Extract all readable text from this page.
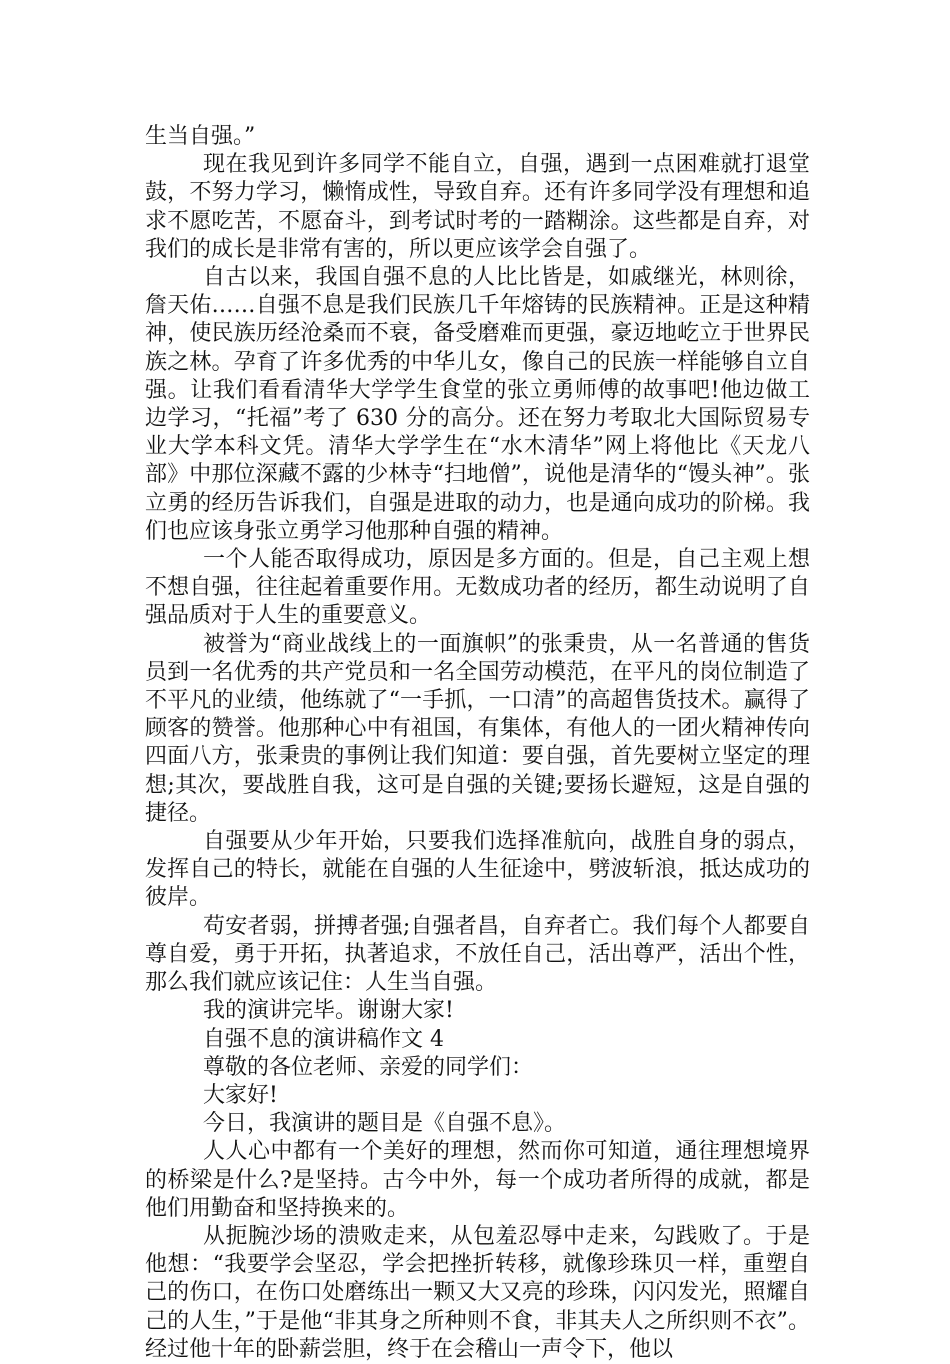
生当自强。”

现在我见到许多同学不能自立，自强，遇到一点困难就打退堂鼓，不努力学习，懒惰成性，导致自弃。还有许多同学没有理想和追求不愿吃苦，不愿奋斗，到考试时考的一踏糊涂。这些都是自弃，对我们的成长是非常有害的，所以更应该学会自强了。

自古以来，我国自强不息的人比比皆是，如戚继光，林则徐，詹天佑……自强不息是我们民族几千年熔铸的民族精神。正是这种精神，使民族历经沧桑而不衰，备受磨难而更强，豪迈地屹立于世界民族之林。孕育了许多优秀的中华儿女，像自己的民族一样能够自立自强。让我们看看清华大学学生食堂的张立勇师傅的故事吧!他边做工边学习，“托福”考了 630 分的高分。还在努力考取北大国际贸易专业大学本科文凭。清华大学学生在“水木清华”网上将他比《天龙八部》中那位深藏不露的少林寺“扫地僧”，说他是清华的“馒头神”。张立勇的经历告诉我们，自强是进取的动力，也是通向成功的阶梯。我们也应该身张立勇学习他那种自强的精神。

一个人能否取得成功，原因是多方面的。但是，自己主观上想不想自强，往往起着重要作用。无数成功者的经历，都生动说明了自强品质对于人生的重要意义。

被誉为“商业战线上的一面旗帜”的张秉贵，从一名普通的售货员到一名优秀的共产党员和一名全国劳动模范，在平凡的岗位制造了不平凡的业绩，他练就了“一手抓，一口清”的高超售货技术。赢得了顾客的赞誉。他那种心中有祖国，有集体，有他人的一团火精神传向四面八方，张秉贵的事例让我们知道：要自强，首先要树立坚定的理想;其次，要战胜自我，这可是自强的关键;要扬长避短，这是自强的捷径。

自强要从少年开始，只要我们选择准航向，战胜自身的弱点，发挥自己的特长，就能在自强的人生征途中，劈波斩浪，抵达成功的彼岸。

苟安者弱，拼搏者强;自强者昌，自弃者亡。我们每个人都要自尊自爱，勇于开拓，执著追求，不放任自己，活出尊严，活出个性，那么我们就应该记住：人生当自强。

我的演讲完毕。谢谢大家!

自强不息的演讲稿作文 4

尊敬的各位老师、亲爱的同学们：

大家好!

今日，我演讲的题目是《自强不息》。

人人心中都有一个美好的理想，然而你可知道，通往理想境界的桥梁是什么?是坚持。古今中外，每一个成功者所得的成就，都是他们用勤奋和坚持换来的。

从扼腕沙场的溃败走来，从包羞忍辱中走来，勾践败了。于是他想：“我要学会坚忍，学会把挫折转移，就像珍珠贝一样，重塑自己的伤口，在伤口处磨练出一颗又大又亮的珍珠，闪闪发光，照耀自己的人生，”于是他“非其身之所种则不食，非其夫人之所织则不衣”。经过他十年的卧薪尝胆，终于在会稽山一声令下，他以
